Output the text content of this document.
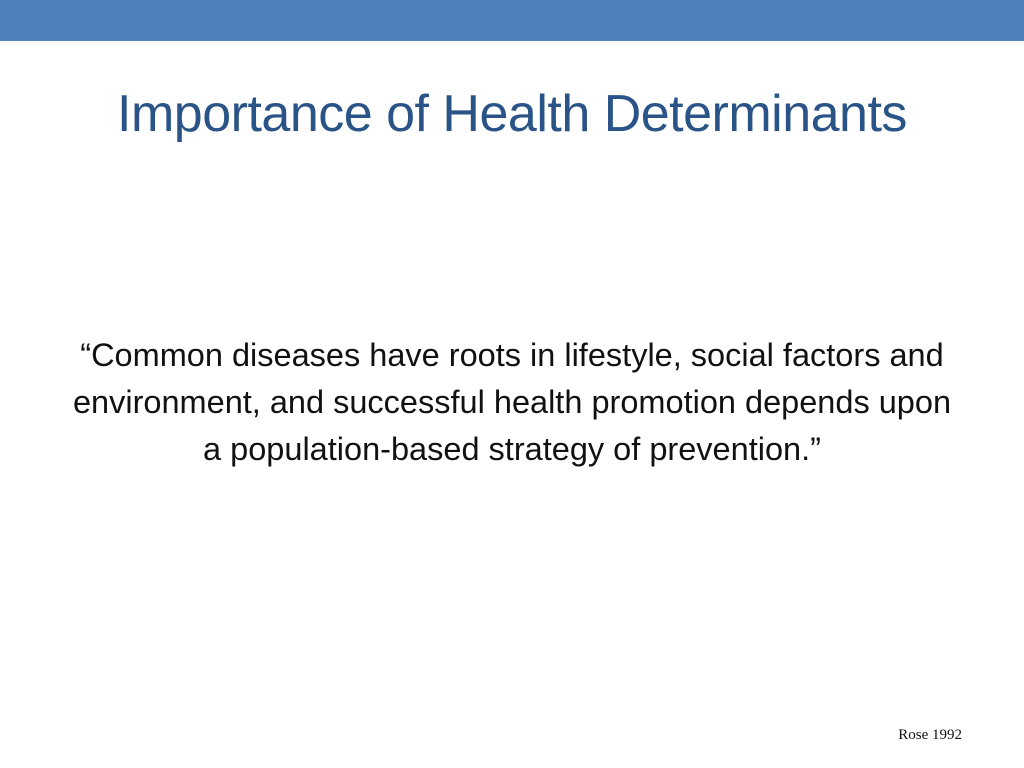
Importance of Health Determinants
“Common diseases have roots in lifestyle, social factors and environment, and successful health promotion depends upon a population-based strategy of prevention.”
Rose 1992
